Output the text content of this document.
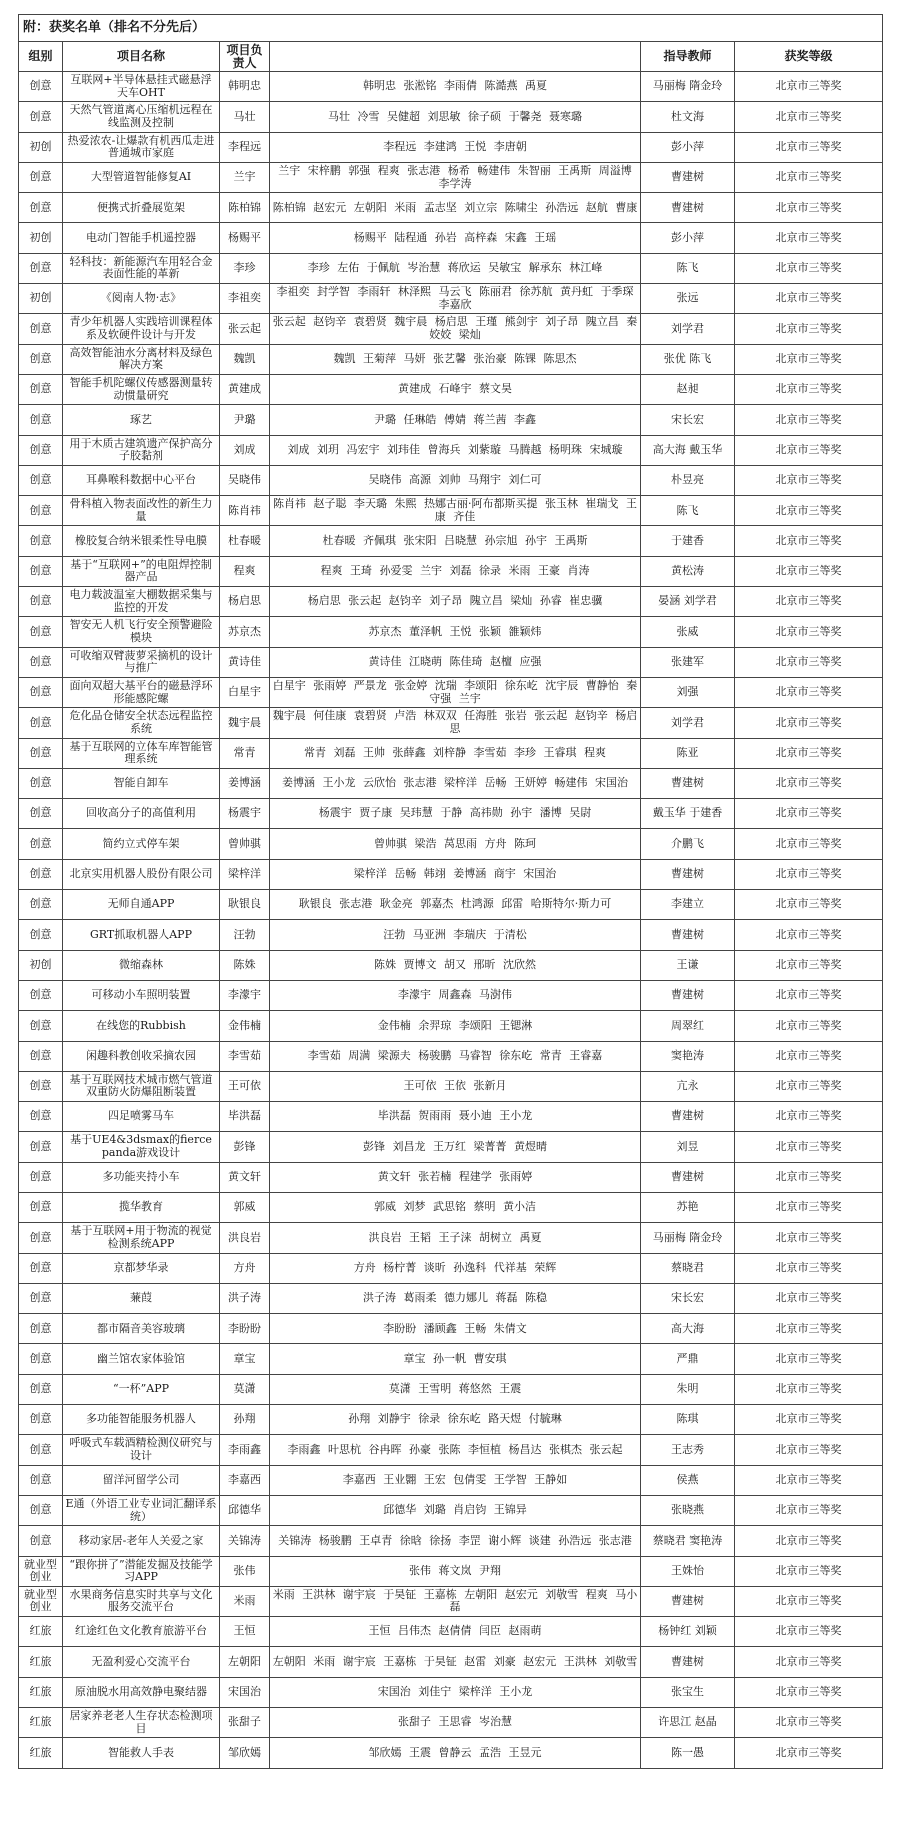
附：获奖名单（排名不分先后）					
组别	项目名称	项目负责人		指导教师	获奖等级
创意	互联网+半导体悬挂式磁悬浮天车OHT	韩明忠	韩明忠 张淞铭 李雨倩 陈澔燕 禹夏	马丽梅 隋金玲	北京市三等奖
创意	天然气管道离心压缩机远程在线监测及控制	马壮	马壮 冷雪 吴健超 刘思敏 徐子硕 于馨尧 聂寒璐	杜文海	北京市三等奖
初创	热爱浓农-让爆款有机西瓜走进普通城市家庭	李程远	李程远 李建鸿 王悦 李唐朝	彭小萍	北京市三等奖
创意	大型管道智能修复AI	兰宇	兰宇 宋梓鹏 郭强 程爽 张志港 杨希 畅建伟 朱智丽 王禹斯 周溢博 李学涛	曹建树	北京市三等奖
创意	便携式折叠展览架	陈柏锦	陈柏锦 赵宏元 左朝阳 米雨 孟志坚 刘立宗 陈啸尘 孙浩远 赵航 曹康	曹建树	北京市三等奖
初创	电动门智能手机遥控器	杨赐平	杨赐平 陆程通 孙岩 高梓森 宋鑫 王瑶	彭小萍	北京市三等奖
创意	轻科技：新能源汽车用轻合金表面性能的革新	李珍	李珍 左佑 于佩航 岑治慧 蒋欣运 吴敏宝 解承东 林江峰	陈飞	北京市三等奖
初创	《阅南人物·志》	李祖奕	李祖奕 封学智 李雨轩 林泽熙 马云飞 陈丽君 徐苏航 黄丹虹 于季琛 李嘉欣	张远	北京市三等奖
创意	青少年机器人实践培训课程体系及软硬件设计与开发	张云起	张云起 赵钧辛 袁碧贤 魏宇晨 杨启思 王瑾 熊剑宇 刘子昂 隗立昌 秦姣姣 梁灿	刘学君	北京市三等奖
创意	高效智能油水分离材料及绿色解决方案	魏凯	魏凯 王菊萍 马妍 张艺馨 张治豪 陈锞 陈思杰	张优 陈飞	北京市三等奖
创意	智能手机陀螺仪传感器测量转动惯量研究	黄建成	黄建成 石峰宇 蔡文昊	赵昶	北京市三等奖
创意	琢艺	尹璐	尹璐 任琳皓 傅婧 蒋兰茜 李鑫	宋长宏	北京市三等奖
创意	用于木质古建筑遗产保护高分子胶黏剂	刘成	刘成 刘玥 冯宏宇 刘玮佳 曾海兵 刘紫璇 马腾越 杨明珠 宋城璇	高大海 戴玉华	北京市三等奖
创意	耳鼻喉科数据中心平台	吴晓伟	吴晓伟 高源 刘帅 马翔宇 刘仁可	朴昱亮	北京市三等奖
创意	骨科植入物表面改性的新生力量	陈肖祎	陈肖祎 赵子聪 李天璐 朱熙 热娜古丽·阿布都斯买提 张玉林 崔瑞戈 王康 齐佳	陈飞	北京市三等奖
创意	橡胶复合纳米银柔性导电膜	杜春暖	杜春暖 齐佩琪 张宋阳 吕晓慧 孙宗旭 孙宇 王禹斯	于建香	北京市三等奖
创意	基于“互联网+”的电阻焊控制器产品	程爽	程爽 王琦 孙爱雯 兰宇 刘磊 徐录 米雨 王豪 肖涛	黄松涛	北京市三等奖
创意	电力载波温室大棚数据采集与监控的开发	杨启思	杨启思 张云起 赵钧辛 刘子昂 隗立昌 梁灿 孙睿 崔忠骥	晏涵 刘学君	北京市三等奖
创意	智安无人机飞行安全预警避险模块	苏京杰	苏京杰 董泽帆 王悦 张颖 雒颖炜	张威	北京市三等奖
创意	可收缩双臂菠萝采摘机的设计与推广	黄诗佳	黄诗佳 江晓萌 陈佳琦 赵檀 应强	张建军	北京市三等奖
创意	面向双超大基平台的磁悬浮环形能感陀螺	白星宇	白星宇 张雨婷 严景龙 张金婷 沈瑞 李颂阳 徐东屹 沈宇辰 曹静怡 秦守强 兰宇	刘强	北京市三等奖
创意	危化品仓储安全状态远程监控系统	魏宇晨	魏宇晨 何佳康 袁碧贤 卢浩 林双双 任海胜 张岩 张云起 赵钧辛 杨启思	刘学君	北京市三等奖
创意	基于互联网的立体车库智能管理系统	常青	常青 刘磊 王帅 张薛鑫 刘梓静 李雪茹 李珍 王睿琪 程爽	陈亚	北京市三等奖
创意	智能自卸车	姜博涵	姜博涵 王小龙 云欣怡 张志港 梁梓洋 岳畅 王妍婷 畅建伟 宋国治	曹建树	北京市三等奖
创意	回收高分子的高值利用	杨震宇	杨震宇 贾子康 吴玮慧 于静 高祎勋 孙宇 潘博 吴尉	戴玉华 于建香	北京市三等奖
创意	简约立式停车架	曾帅骐	曾帅骐 梁浩 莴思雨 方舟 陈珂	介鹏飞	北京市三等奖
创意	北京实用机器人股份有限公司	梁梓洋	梁梓洋 岳畅 韩翊 姜博涵 商宇 宋国治	曹建树	北京市三等奖
创意	无师自通APP	耿银良	耿银良 张志港 耿金亮 郭嘉杰 杜鸿源 邱雷 哈斯特尔·斯力可	李建立	北京市三等奖
创意	GRT抓取机器人APP	汪勃	汪勃 马亚洲 李瑞庆 于清松	曹建树	北京市三等奖
初创	微缩森林	陈姝	陈姝 贾博文 胡又 邢昕 沈欣然	王谦	北京市三等奖
创意	可移动小车照明装置	李濛宇	李濛宇 周鑫森 马澍伟	曹建树	北京市三等奖
创意	在线您的Rubbish	金伟楠	金伟楠 余羿琼 李颂阳 王锶淋	周翠红	北京市三等奖
创意	闲趣科教创收采摘农园	李雪茹	李雪茹 周满 梁源夫 杨骏鹏 马睿智 徐东屹 常青 王睿嘉	窦艳涛	北京市三等奖
创意	基于互联网技术城市燃气管道双重防火防爆阻断装置	王可依	王可依 王依 张新月	亢永	北京市三等奖
创意	四足喷雾马车	毕洪磊	毕洪磊 贺雨雨 聂小迪 王小龙	曹建树	北京市三等奖
创意	基于UE4&3dsmax的fierce panda游戏设计	彭锋	彭锋 刘昌龙 王万红 梁菁菁 黄煜晴	刘昱	北京市三等奖
创意	多功能夹持小车	黄文轩	黄文轩 张若楠 程建学 张雨婷	曹建树	北京市三等奖
创意	揽华教育	郭威	郭威 刘梦 武思铭 蔡明 黄小洁	苏艳	北京市三等奖
创意	基于互联网+用于物流的视觉检测系统APP	洪良岩	洪良岩 王韬 王子涞 胡树立 禹夏	马丽梅 隋金玲	北京市三等奖
创意	京都梦华录	方舟	方舟 杨柠菁 谈昕 孙逸科 代祥基 荣辉	蔡晓君	北京市三等奖
创意	蒹葭	洪子涛	洪子涛 葛雨柔 德力娜儿 蒋磊 陈稳	宋长宏	北京市三等奖
创意	都市隔音美容玻璃	李盼盼	李盼盼 潘顾鑫 王畅 朱倩文	高大海	北京市三等奖
创意	幽兰馆农家体验馆	章宝	章宝 孙一帆 曹安琪	严鼎	北京市三等奖
创意	“一杯”APP	莫潇	莫潇 王雪明 蒋悠然 王震	朱明	北京市三等奖
创意	多功能智能服务机器人	孙翔	孙翔 刘静宇 徐录 徐东屹 路天煜 付毓琳	陈琪	北京市三等奖
创意	呼吸式车载酒精检测仪研究与设计	李雨鑫	李雨鑫 叶思杭 谷冉晖 孙豪 张陈 李恒植 杨昌达 张棋杰 张云起	王志秀	北京市三等奖
创意	留洋河留学公司	李嘉西	李嘉西 王业翾 王宏 包倩雯 王学智 王静如	侯燕	北京市三等奖
创意	E通（外语工业专业词汇翻译系统）	邱德华	邱德华 刘璐 肖启钧 王锦异	张晓燕	北京市三等奖
创意	移动家居-老年人关爱之家	关锦涛	关锦涛 杨骏鹏 王卓青 徐晗 徐扬 李罡 谢小辉 谈建 孙浩远 张志港	蔡晓君 窦艳涛	北京市三等奖
就业型创业	“跟你拼了”潜能发掘及技能学习APP	张伟	张伟 蒋文岚 尹翔	王姝怡	北京市三等奖
就业型创业	水果商务信息实时共享与文化服务交流平台	米雨	米雨 王洪林 谢宇宸 于昊钲 王嘉栋 左朝阳 赵宏元 刘敬雪 程爽 马小磊	曹建树	北京市三等奖
红旅	红途红色文化教育旅游平台	王恒	王恒 吕伟杰 赵倩倩 闫臣 赵雨萌	杨钟红 刘颖	北京市三等奖
红旅	无盈利爱心交流平台	左朝阳	左朝阳 米雨 谢宇宸 王嘉栋 于昊钲 赵雷 刘豪 赵宏元 王洪林 刘敬雪	曹建树	北京市三等奖
红旅	原油脱水用高效静电聚结器	宋国治	宋国治 刘佳宁 梁梓洋 王小龙	张宝生	北京市三等奖
红旅	居家养老老人生存状态检测项目	张甜子	张甜子 王思睿 岑治慧	许思江 赵晶	北京市三等奖
红旅	智能救人手表	邹欣嫣	邹欣嫣 王震 曾静云 孟浩 王昱元	陈一愚	北京市三等奖
